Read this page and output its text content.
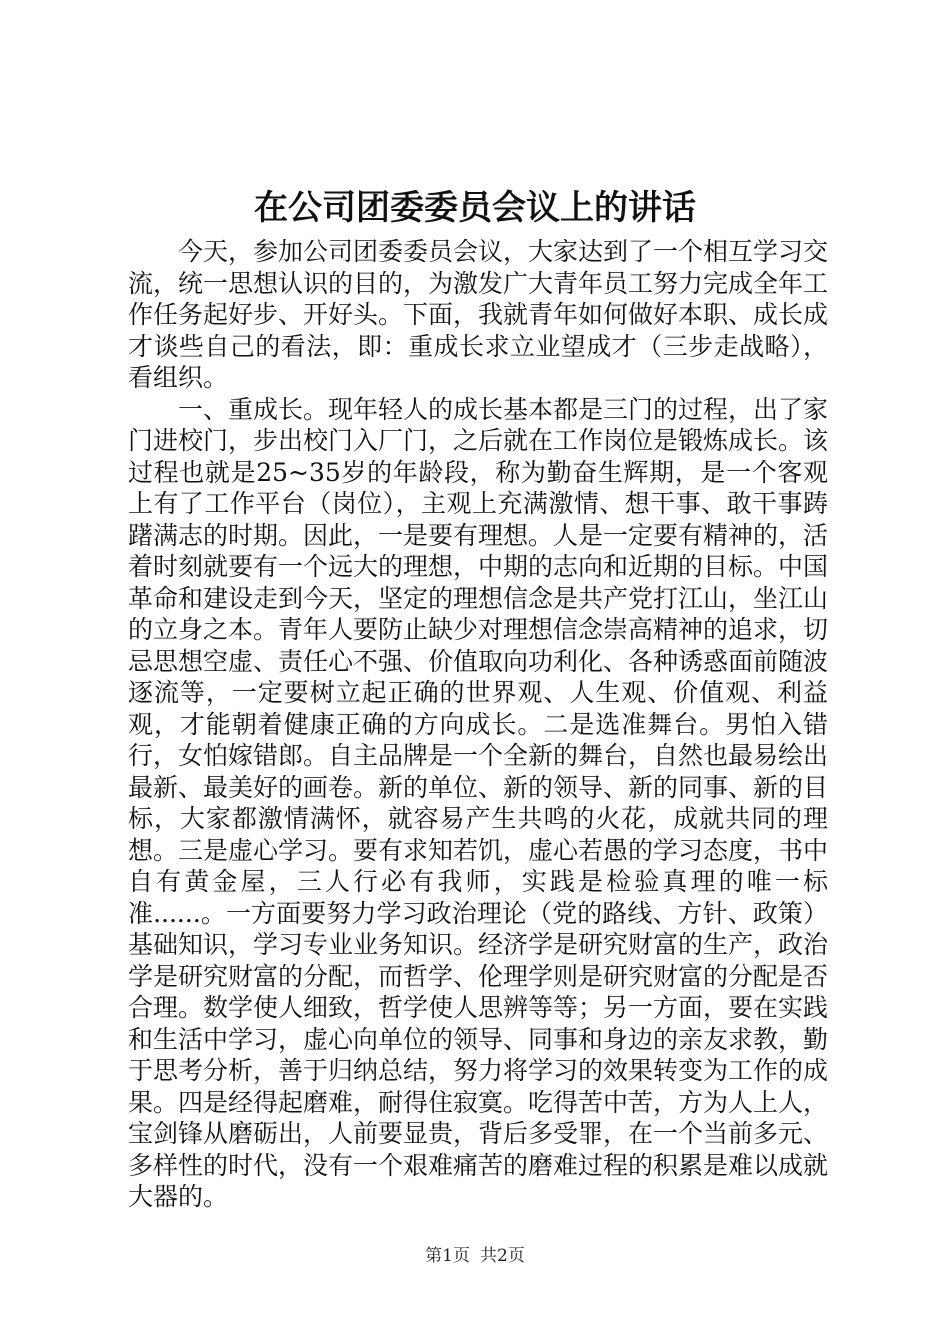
在公司团委委员会议上的讲话

今天，参加公司团委委员会议，大家达到了一个相互学习交流，统一思想认识的目的，为激发广大青年员工努力完成全年工作任务起好步、开好头。下面，我就青年如何做好本职、成长成才谈些自己的看法，即：重成长求立业望成才（三步走战略），看组织。

一、重成长。现年轻人的成长基本都是三门的过程，出了家门进校门，步出校门入厂门，之后就在工作岗位是锻炼成长。该过程也就是25~35岁的年龄段，称为勤奋生辉期，是一个客观上有了工作平台（岗位），主观上充满激情、想干事、敢干事踌躇满志的时期。因此，一是要有理想。人是一定要有精神的，活着时刻就要有一个远大的理想，中期的志向和近期的目标。中国革命和建设走到今天，坚定的理想信念是共产党打江山，坐江山的立身之本。青年人要防止缺少对理想信念崇高精神的追求，切忌思想空虚、责任心不强、价值取向功利化、各种诱惑面前随波逐流等，一定要树立起正确的世界观、人生观、价值观、利益观，才能朝着健康正确的方向成长。二是选准舞台。男怕入错行，女怕嫁错郎。自主品牌是一个全新的舞台，自然也最易绘出最新、最美好的画卷。新的单位、新的领导、新的同事、新的目标，大家都激情满怀，就容易产生共鸣的火花，成就共同的理想。三是虚心学习。要有求知若饥，虚心若愚的学习态度，书中自有黄金屋，三人行必有我师，实践是检验真理的唯一标准......。一方面要努力学习政治理论（党的路线、方针、政策）基础知识，学习专业业务知识。经济学是研究财富的生产，政治学是研究财富的分配，而哲学、伦理学则是研究财富的分配是否合理。数学使人细致，哲学使人思辨等等；另一方面，要在实践和生活中学习，虚心向单位的领导、同事和身边的亲友求教，勤于思考分析，善于归纳总结，努力将学习的效果转变为工作的成果。四是经得起磨难，耐得住寂寞。吃得苦中苦，方为人上人，宝剑锋从磨砺出，人前要显贵，背后多受罪，在一个当前多元、多样性的时代，没有一个艰难痛苦的磨难过程的积累是难以成就大器的。

第1页 共2页
